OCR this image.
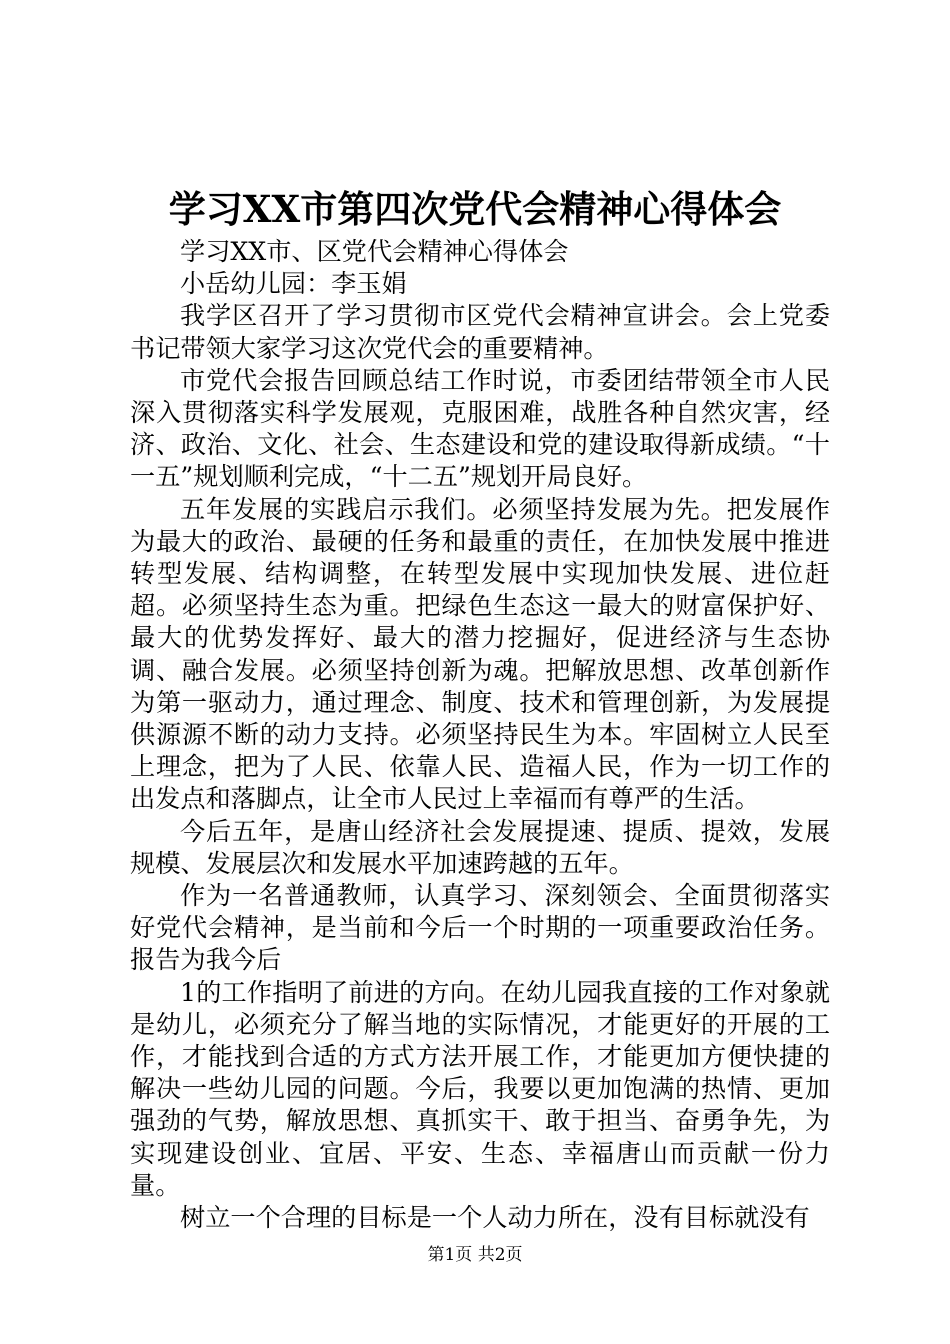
学习XX市第四次党代会精神心得体会

学习XX市、区党代会精神心得体会

小岳幼儿园：李玉娟

我学区召开了学习贯彻市区党代会精神宣讲会。会上党委书记带领大家学习这次党代会的重要精神。

市党代会报告回顾总结工作时说，市委团结带领全市人民深入贯彻落实科学发展观，克服困难，战胜各种自然灾害，经济、政治、文化、社会、生态建设和党的建设取得新成绩。“十一五”规划顺利完成，“十二五”规划开局良好。

五年发展的实践启示我们。必须坚持发展为先。把发展作为最大的政治、最硬的任务和最重的责任，在加快发展中推进转型发展、结构调整，在转型发展中实现加快发展、进位赶超。必须坚持生态为重。把绿色生态这一最大的财富保护好、最大的优势发挥好、最大的潜力挖掘好，促进经济与生态协调、融合发展。必须坚持创新为魂。把解放思想、改革创新作为第一驱动力，通过理念、制度、技术和管理创新，为发展提供源源不断的动力支持。必须坚持民生为本。牢固树立人民至上理念，把为了人民、依靠人民、造福人民，作为一切工作的出发点和落脚点，让全市人民过上幸福而有尊严的生活。

今后五年，是唐山经济社会发展提速、提质、提效，发展规模、发展层次和发展水平加速跨越的五年。

作为一名普通教师，认真学习、深刻领会、全面贯彻落实好党代会精神，是当前和今后一个时期的一项重要政治任务。报告为我今后

1的工作指明了前进的方向。在幼儿园我直接的工作对象就是幼儿，必须充分了解当地的实际情况，才能更好的开展的工作，才能找到合适的方式方法开展工作，才能更加方便快捷的解决一些幼儿园的问题。今后，我要以更加饱满的热情、更加强劲的气势，解放思想、真抓实干、敢于担当、奋勇争先，为实现建设创业、宜居、平安、生态、幸福唐山而贡献一份力量。

树立一个合理的目标是一个人动力所在，没有目标就没有

第1页 共2页
